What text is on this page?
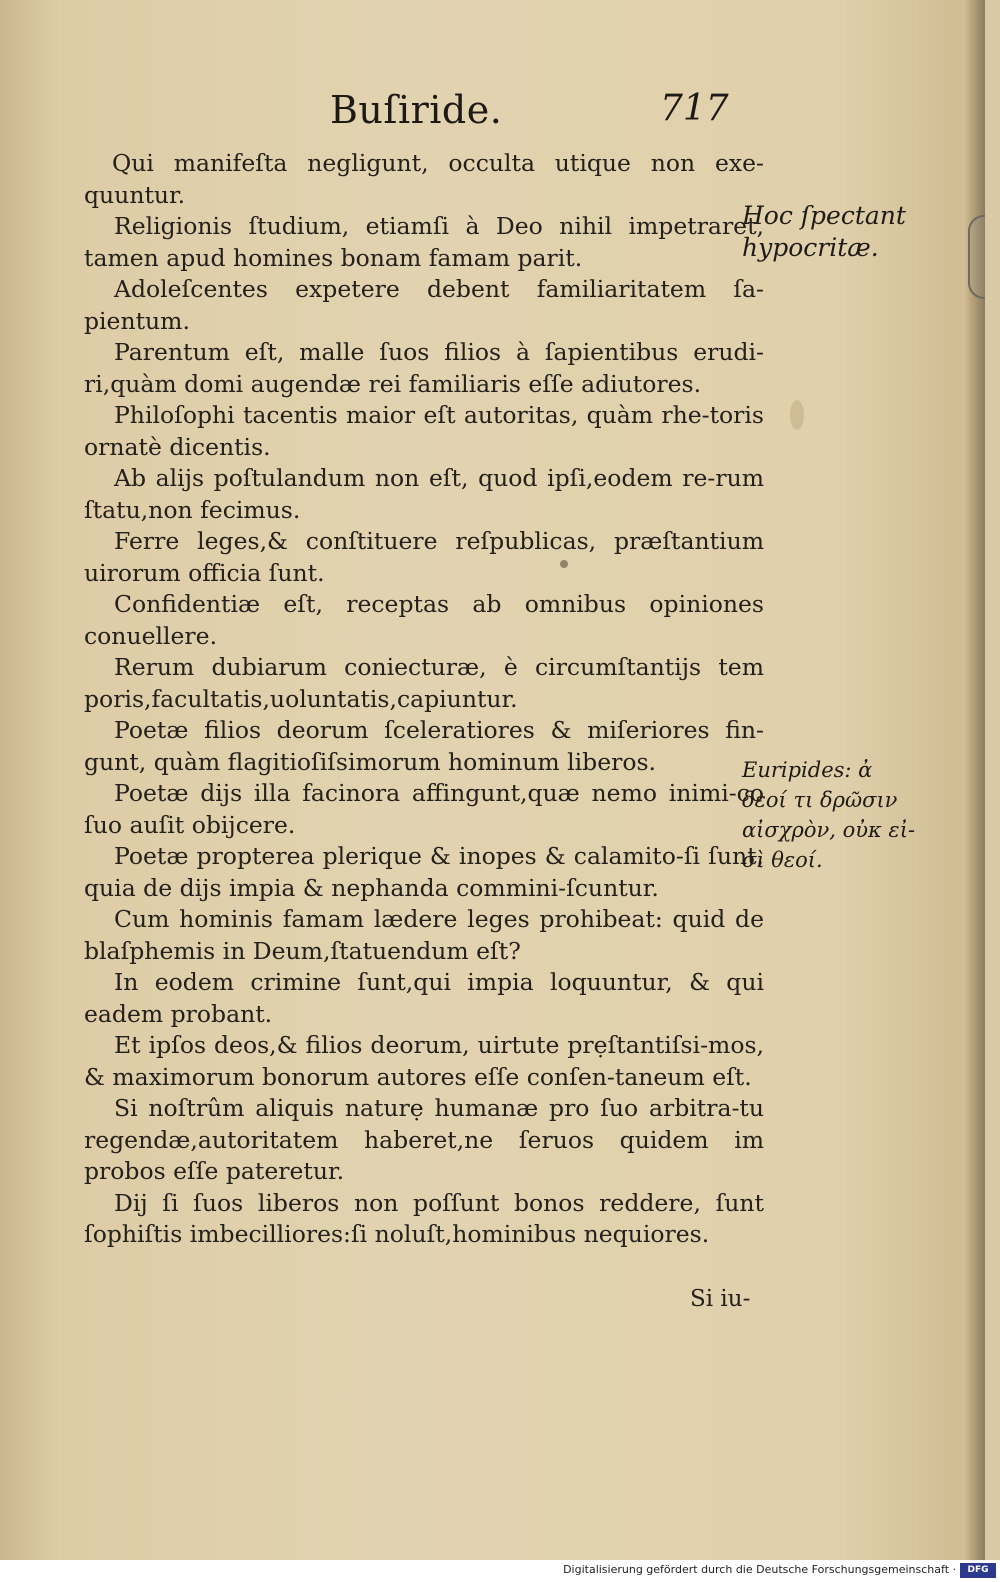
Buſiride.	717
Qui manifeſta negligunt, occulta utique non exe-quuntur.
Religionis ſtudium, etiamſi à Deo nihil impetraret, tamen apud homines bonam famam parit.
Adoleſcentes expetere debent familiaritatem ſa-pientum.
Parentum eſt, malle ſuos filios à ſapientibus erudi-ri,quàm domi augendæ rei familiaris eſſe adiutores.
Philoſophi tacentis maior eſt autoritas, quàm rhe-toris ornatè dicentis.
Ab alijs poſtulandum non eſt, quod ipſi,eodem re-rum ſtatu,non fecimus.
Ferre leges,& conſtituere reſpublicas, præſtantium uirorum officia ſunt.
Confidentiæ eſt, receptas ab omnibus opiniones conuellere.
Rerum dubiarum coniecturæ, è circumſtantijs tem poris,facultatis,uoluntatis,capiuntur.
Poetæ filios deorum ſceleratiores & miſeriores fin-gunt, quàm flagitioſiſsimorum hominum liberos.
Poetæ dijs illa facinora affingunt,quæ nemo inimi-co ſuo auſit obijcere.
Poetæ propterea plerique & inopes & calamito-ſi ſunt, quia de dijs impia & nephanda commini-ſcuntur.
Cum hominis famam lædere leges prohibeat: quid de blaſphemis in Deum,ſtatuendum eſt?
In eodem crimine ſunt,qui impia loquuntur, & qui eadem probant.
Et ipſos deos,& filios deorum, uirtute prẹſtantiſsi-mos, & maximorum bonorum autores eſſe conſen-taneum eſt.
Si noſtrûm aliquis naturẹ humanæ pro ſuo arbitra-tu regendæ,autoritatem haberet,ne ſeruos quidem im probos eſſe pateretur.
Dij ſi ſuos liberos non poſſunt bonos reddere, ſunt ſophiſtis imbecilliores:ſi noluſt,hominibus nequiores.
Hoc ſpectant
hypocritæ.
Euripides: ἀ
δεοί τι δρῶσιν
αἰσχρὸν, οὐκ εἰ-
σὶ θεοί.
Si iu-
Digitalisierung gefördert durch die Deutsche Forschungsgemeinschaft ·	DFG
